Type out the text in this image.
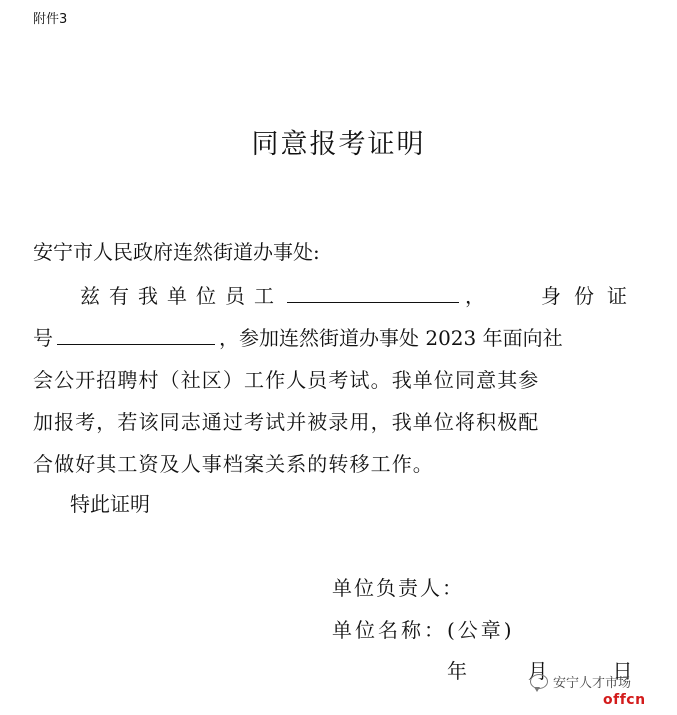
附件3
同意报考证明
安宁市人民政府连然街道办事处:
兹有我单位员工	，	身份证
号	，参加连然街道办事处 2023 年面向社
会公开招聘村（社区）工作人员考试。我单位同意其参
加报考，若该同志通过考试并被录用，我单位将积极配
合做好其工资及人事档案关系的转移工作。
特此证明
单位负责人：
单位名称：(公章)
年	月	日
安宁人才市场
offcn
